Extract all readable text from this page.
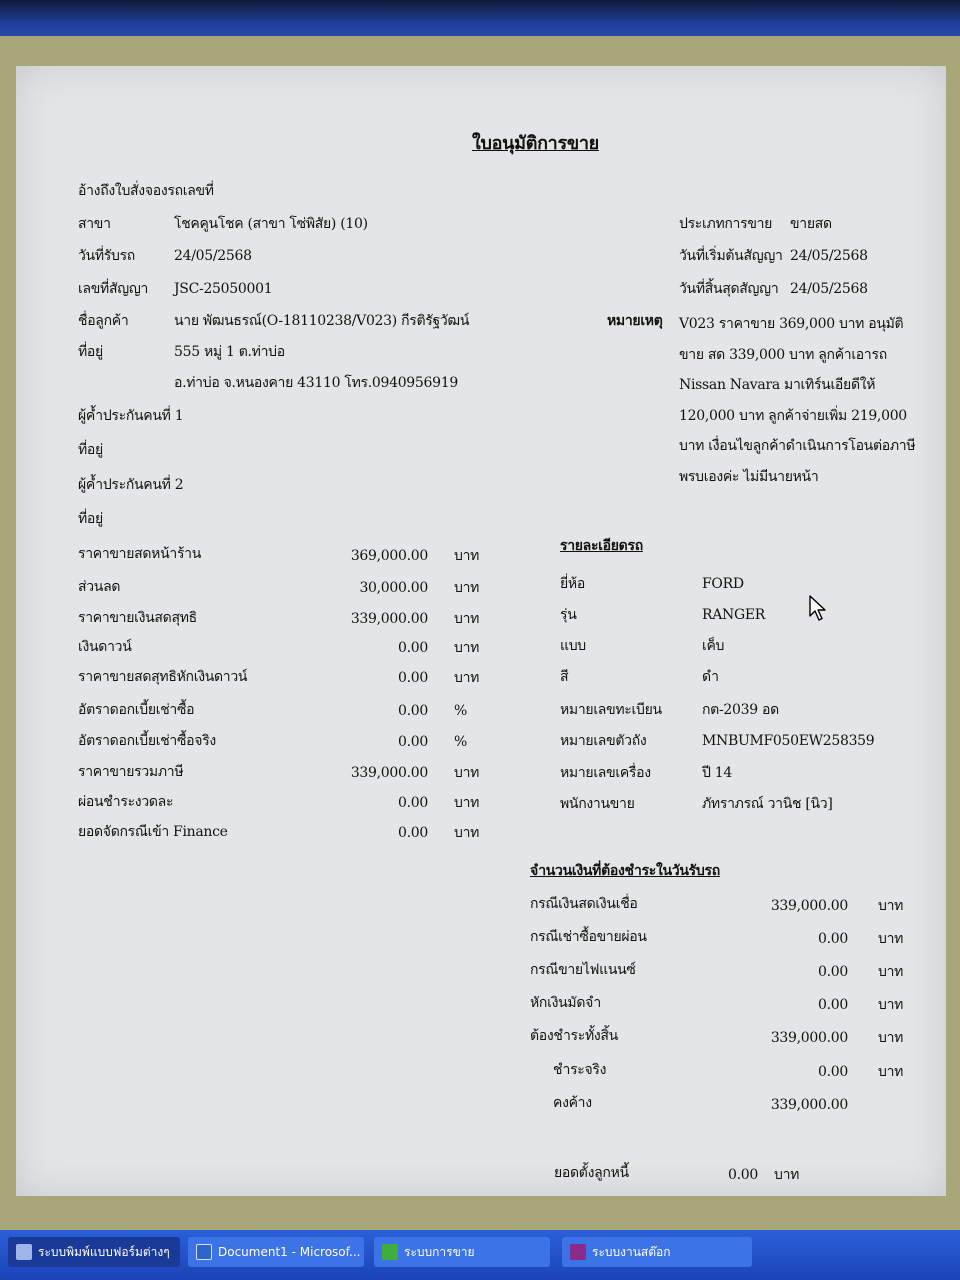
ใบอนุมัติการขาย
อ้างถึงใบสั่งจองรถเลขที่
สาขา	โชคคูนโชค (สาขา โซ่พิสัย) (10)
วันที่รับรถ	24/05/2568
เลขที่สัญญา JSC-25050001
ชื่อลูกค้า	นาย พัฒนธรณ์(O-18110238/V023) กีรติรัฐวัฒน์
ที่อยู่	555 หมู่ 1 ต.ท่าบ่อ
อ.ท่าบ่อ จ.หนองคาย 43110 โทร.0940956919
ผู้ค้ำประกันคนที่ 1
ที่อยู่
ผู้ค้ำประกันคนที่ 2
ที่อยู่
ประเภทการขาย ขายสด
วันที่เริ่มต้นสัญญา 24/05/2568
วันที่สิ้นสุดสัญญา 24/05/2568
หมายเหตุ V023 ราคาขาย 369,000 บาท อนุมัติขาย สด 339,000 บาท ลูกค้าเอารถ Nissan Navara มาเทิร์นเอียดีให้ 120,000 บาท ลูกค้าจ่ายเพิ่ม 219,000 บาท เงื่อนไขลูกค้าดำเนินการโอนต่อภาษี พรบเองค่ะ ไม่มีนายหน้า
ราคาขายสดหน้าร้าน	369,000.00 บาท
ส่วนลด	30,000.00 บาท
ราคาขายเงินสดสุทธิ	339,000.00 บาท
เงินดาวน์	0.00 บาท
ราคาขายสดสุทธิหักเงินดาวน์	0.00 บาท
อัตราดอกเบี้ยเช่าซื้อ	0.00 %
อัตราดอกเบี้ยเช่าซื้อจริง	0.00 %
ราคาขายรวมภาษี	339,000.00 บาท
ผ่อนชำระงวดละ	0.00 บาท
ยอดจัดกรณีเข้า Finance	0.00 บาท
รายละเอียดรถ
ยี่ห้อ	FORD
รุ่น	RANGER
แบบ	เค็บ
สี	ดำ
หมายเลขทะเบียน	กต-2039 อด
หมายเลขตัวถัง	MNBUMF050EW258359
หมายเลขเครื่อง	ปี 14
พนักงานขาย	ภัทราภรณ์ วานิช [นิว]
จำนวนเงินที่ต้องชำระในวันรับรถ
กรณีเงินสดเงินเชื่อ	339,000.00 บาท
กรณีเช่าซื้อขายผ่อน	0.00 บาท
กรณีขายไฟแนนซ์	0.00 บาท
หักเงินมัดจำ	0.00 บาท
ต้องชำระทั้งสิ้น	339,000.00 บาท
ชำระจริง	0.00 บาท
คงค้าง	339,000.00
ยอดตั้งลูกหนี้	0.00 บาท
ระบบพิมพ์แบบฟอร์มต่างๆ	Document1 - Microsof...	ระบบการขาย	ระบบงานสต๊อก
